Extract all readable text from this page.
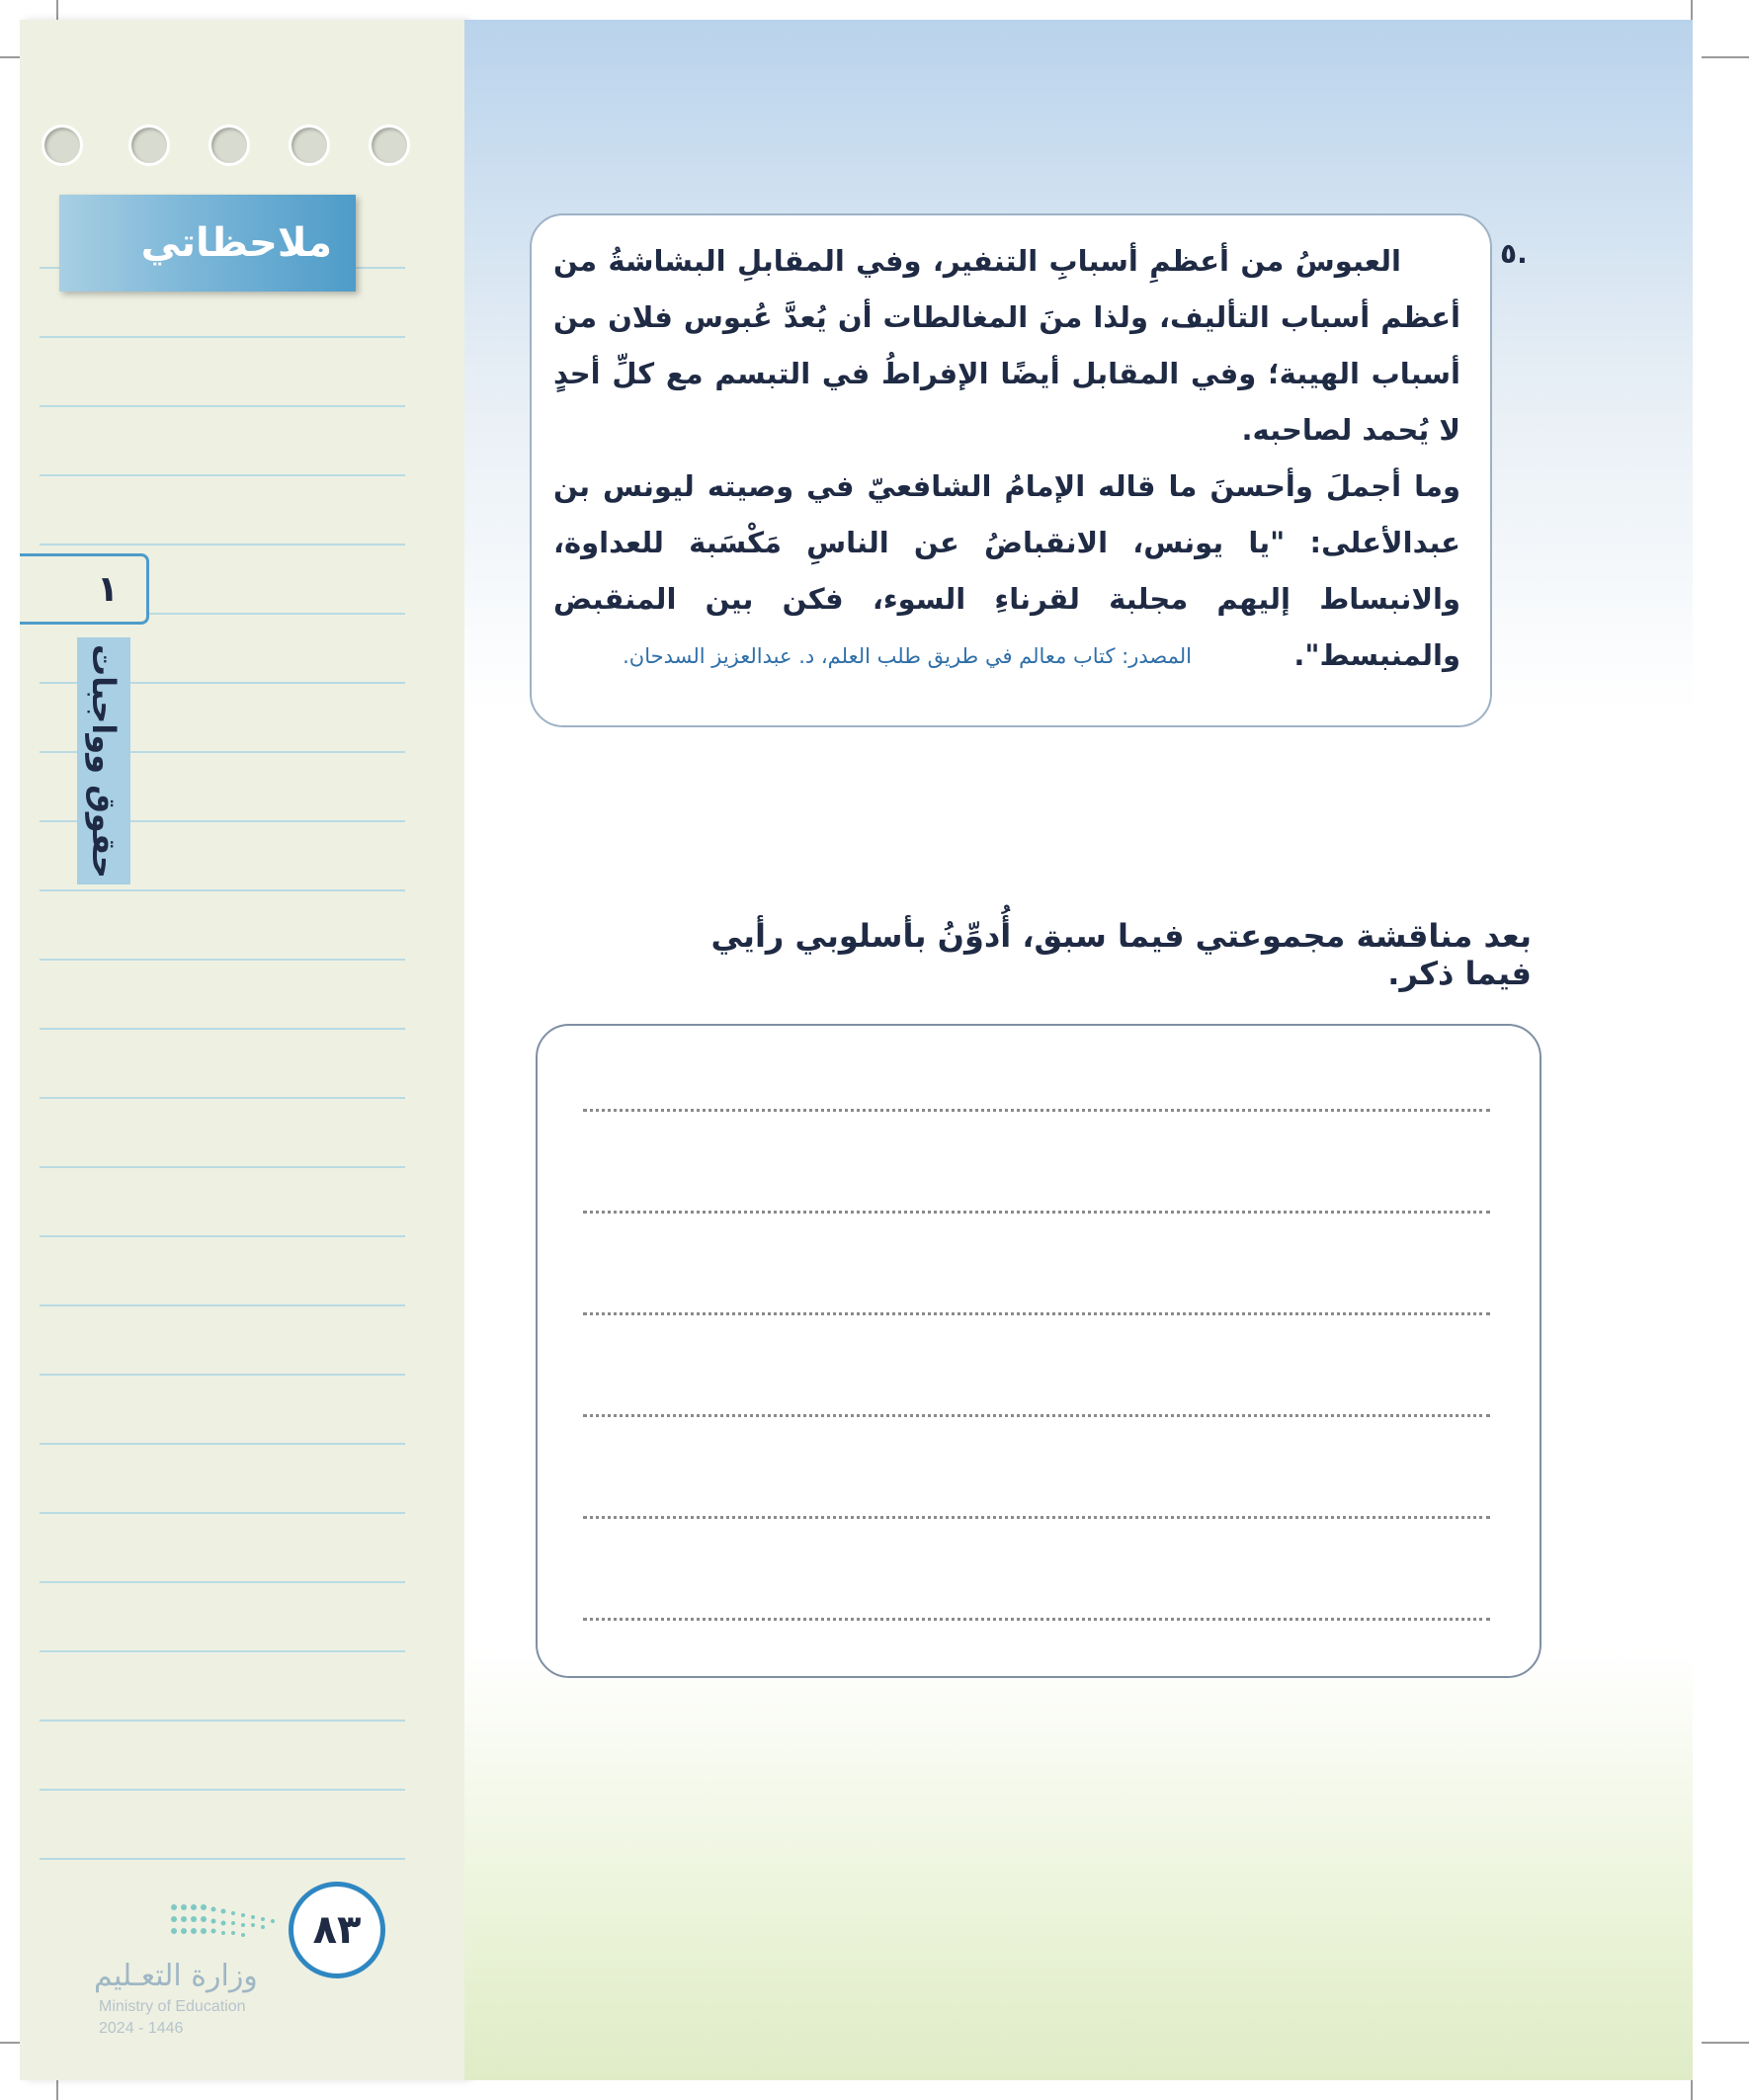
ملاحظاتي
١
حقوق وواجبات
وزارة التعـليم
Ministry of Education
2024 - 1446
٨٣
٥.

العبوسُ من أعظمِ أسبابِ التنفير، وفي المقابلِ البشاشةُ من أعظم أسباب التأليف، ولذا منَ المغالطات أن يُعدَّ عُبوس فلان من أسباب الهيبة؛ وفي المقابل أيضًا الإفراطُ في التبسم مع كلِّ أحدٍ لا يُحمد لصاحبه.

وما أجملَ وأحسنَ ما قاله الإمامُ الشافعيّ في وصيته ليونس بن عبدالأعلى: "يا يونس، الانقباضُ عن الناسِ مَكْسَبة للعداوة، والانبساط إليهم مجلبة لقرناءِ السوء، فكن بين المنقبض والمنبسط".

المصدر: كتاب معالم في طريق طلب العلم، د. عبدالعزيز السدحان.
بعد مناقشة مجموعتي فيما سبق، أُدوِّنُ بأسلوبي رأيي فيما ذكر.
